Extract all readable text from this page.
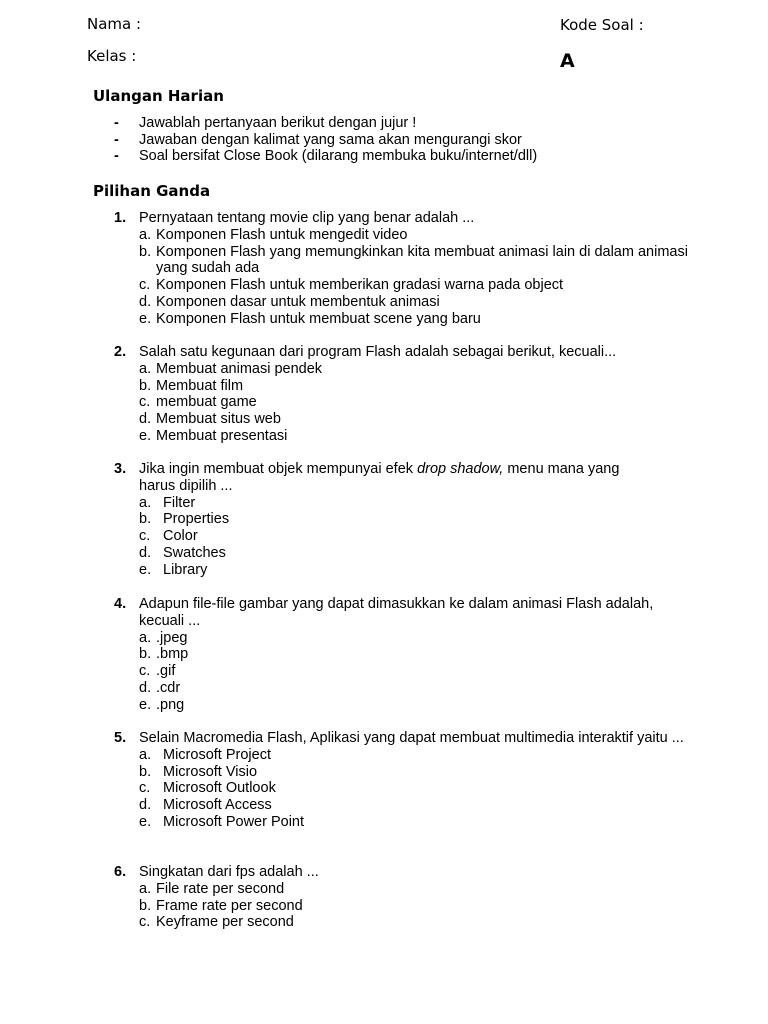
Nama :
Kelas :
Kode Soal :
A
Ulangan Harian
-	Jawablah pertanyaan berikut dengan jujur !
-	Jawaban dengan kalimat yang sama akan mengurangi skor
-	Soal bersifat Close Book (dilarang membuka buku/internet/dll)
Pilihan Ganda
1. Pernyataan tentang movie clip yang benar adalah ...
a. Komponen Flash untuk mengedit video
b. Komponen Flash yang memungkinkan kita membuat animasi lain di dalam animasi yang sudah ada
c. Komponen Flash untuk memberikan gradasi warna pada object
d. Komponen dasar untuk membentuk animasi
e. Komponen Flash untuk membuat scene yang baru
2. Salah satu kegunaan dari program Flash adalah sebagai berikut, kecuali...
a. Membuat animasi pendek
b. Membuat film
c. membuat game
d. Membuat situs web
e. Membuat presentasi
3. Jika ingin membuat objek mempunyai efek drop shadow, menu mana yang harus dipilih ...
a. Filter
b. Properties
c. Color
d. Swatches
e. Library
4. Adapun file-file gambar yang dapat dimasukkan ke dalam animasi Flash adalah, kecuali ...
a. .jpeg
b. .bmp
c. .gif
d. .cdr
e. .png
5. Selain Macromedia Flash, Aplikasi yang dapat membuat multimedia interaktif yaitu ...
a. Microsoft Project
b. Microsoft Visio
c. Microsoft Outlook
d. Microsoft Access
e. Microsoft Power Point
6. Singkatan dari fps adalah ...
a. File rate per second
b. Frame rate per second
c. Keyframe per second
